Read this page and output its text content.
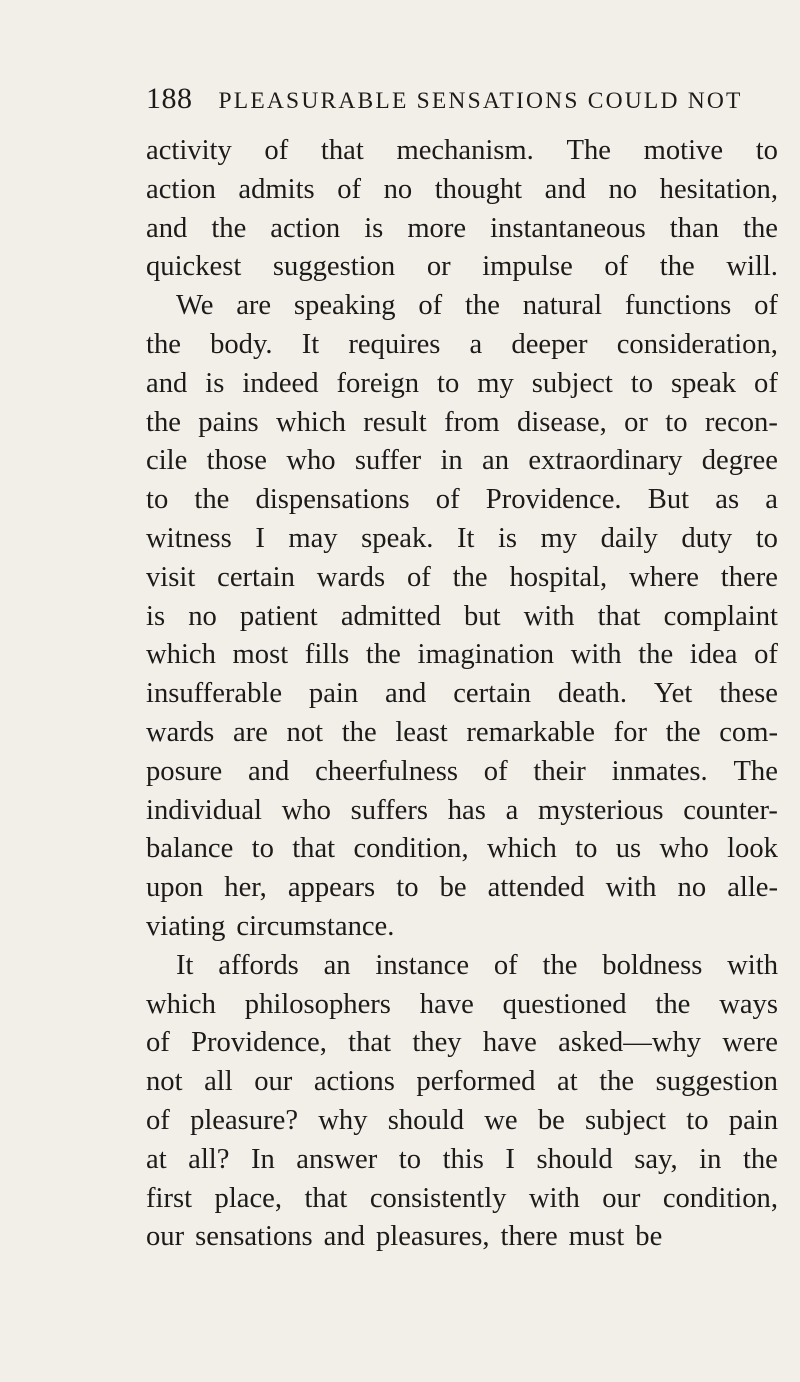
188 PLEASURABLE SENSATIONS COULD NOT
activity of that mechanism. The motive to
action admits of no thought and no hesitation,
and the action is more instantaneous than the
quickest suggestion or impulse of the will.
We are speaking of the natural functions of
the body. It requires a deeper consideration,
and is indeed foreign to my subject to speak of
the pains which result from disease, or to recon-
cile those who suffer in an extraordinary degree
to the dispensations of Providence. But as a
witness I may speak. It is my daily duty to
visit certain wards of the hospital, where there
is no patient admitted but with that complaint
which most fills the imagination with the idea of
insufferable pain and certain death. Yet these
wards are not the least remarkable for the com-
posure and cheerfulness of their inmates. The
individual who suffers has a mysterious counter-
balance to that condition, which to us who look
upon her, appears to be attended with no alle-
viating circumstance.
It affords an instance of the boldness with
which philosophers have questioned the ways
of Providence, that they have asked—why were
not all our actions performed at the suggestion
of pleasure? why should we be subject to pain
at all? In answer to this I should say, in the
first place, that consistently with our condition,
our sensations and pleasures, there must be
